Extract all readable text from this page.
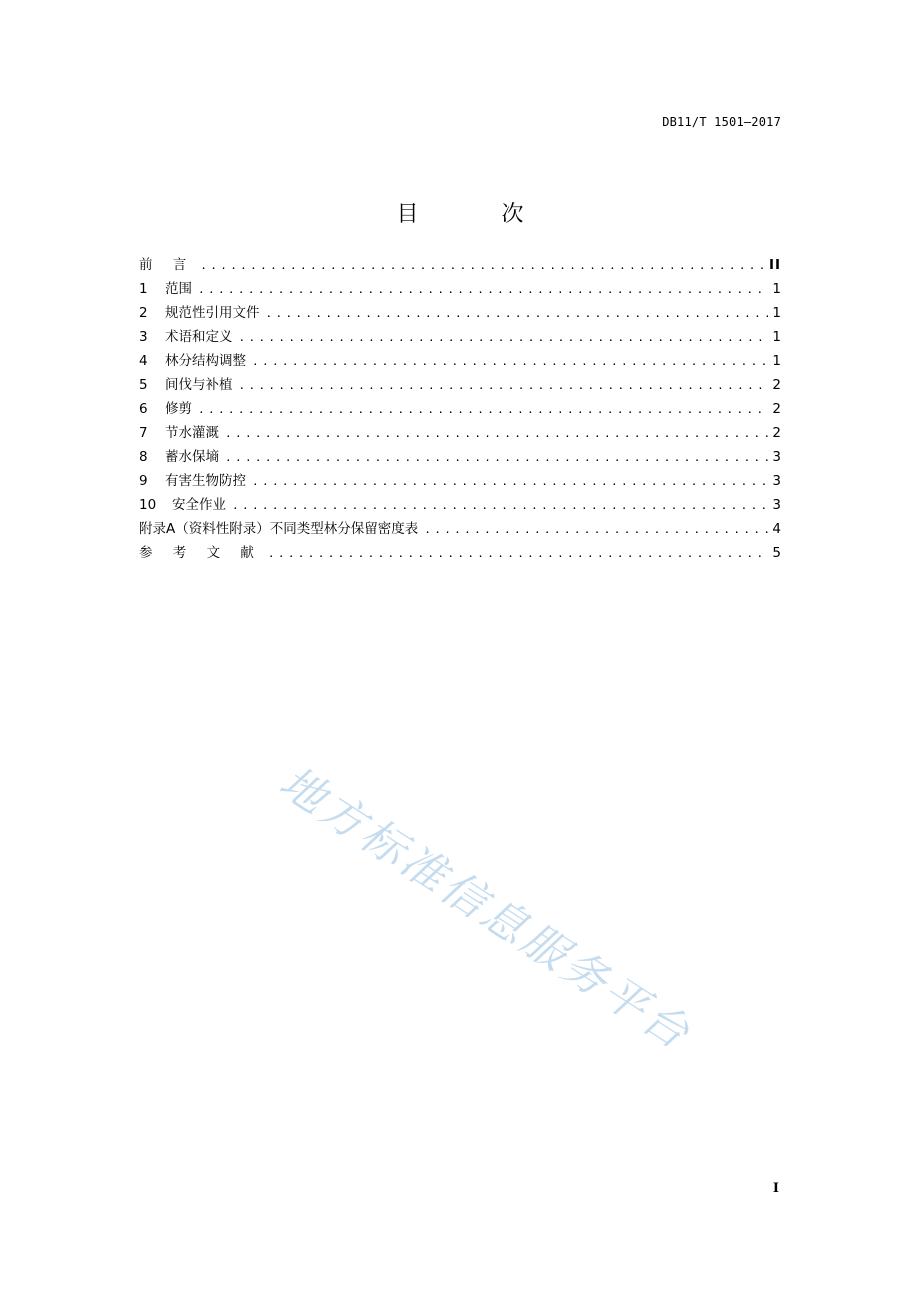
DB11/T 1501—2017
目 次
前 言 .....	II
1	范围 .....	1
2	规范性引用文件 .....	1
3	术语和定义 .....	1
4	林分结构调整 .....	1
5	间伐与补植 .....	2
6	修剪 .....	2
7	节水灌溉 .....	2
8	蓄水保墒 .....	3
9	有害生物防控 .....	3
10	安全作业 .....	3
附录A（资料性附录）不同类型林分保留密度表 .....	4
参 考 文 献 .....	5
地方标准信息服务平台
I
